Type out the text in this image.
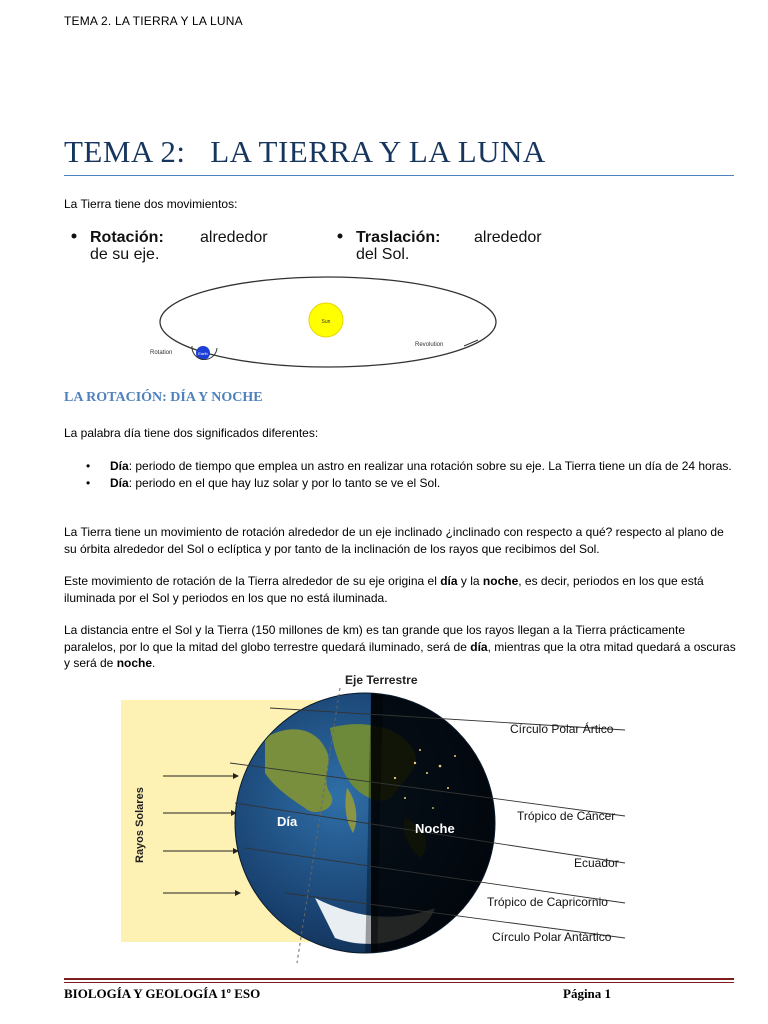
TEMA 2. LA TIERRA Y LA LUNA
TEMA 2:   LA TIERRA Y LA LUNA
La Tierra tiene dos movimientos:
Rotación: alrededor
de su eje.
Traslación: alrededor
del Sol.
Sun
Earth
Rotation
Revolution
LA ROTACIÓN: DÍA Y NOCHE
La palabra día tiene dos significados diferentes:
• Día: periodo de tiempo que emplea un astro en realizar una rotación sobre su eje. La Tierra tiene un día de 24 horas.
• Día: periodo en el que hay luz solar y por lo tanto se ve el Sol.
La Tierra tiene un movimiento de rotación alrededor de un eje inclinado ¿inclinado con respecto a qué? respecto al plano de su órbita alrededor del Sol o eclíptica y por tanto de la inclinación de los rayos que recibimos del Sol.
Este movimiento de rotación de la Tierra alrededor de su eje origina el día y la noche, es decir, periodos en los que está iluminada por el Sol y periodos en los que no está iluminada.
La distancia entre el Sol y la Tierra (150 millones de km) es tan grande que los rayos llegan a la Tierra prácticamente paralelos, por lo que la mitad del globo terrestre quedará iluminado, será de día, mientras que la otra mitad quedará a oscuras y será de noche.
Eje Terrestre
Rayos Solares	Día	Noche
Círculo Polar Ártico
Trópico de Cáncer
Ecuador
Trópico de Capricornio
Círculo Polar Antártico
BIOLOGÍA Y GEOLOGÍA 1º ESO	Página 1
